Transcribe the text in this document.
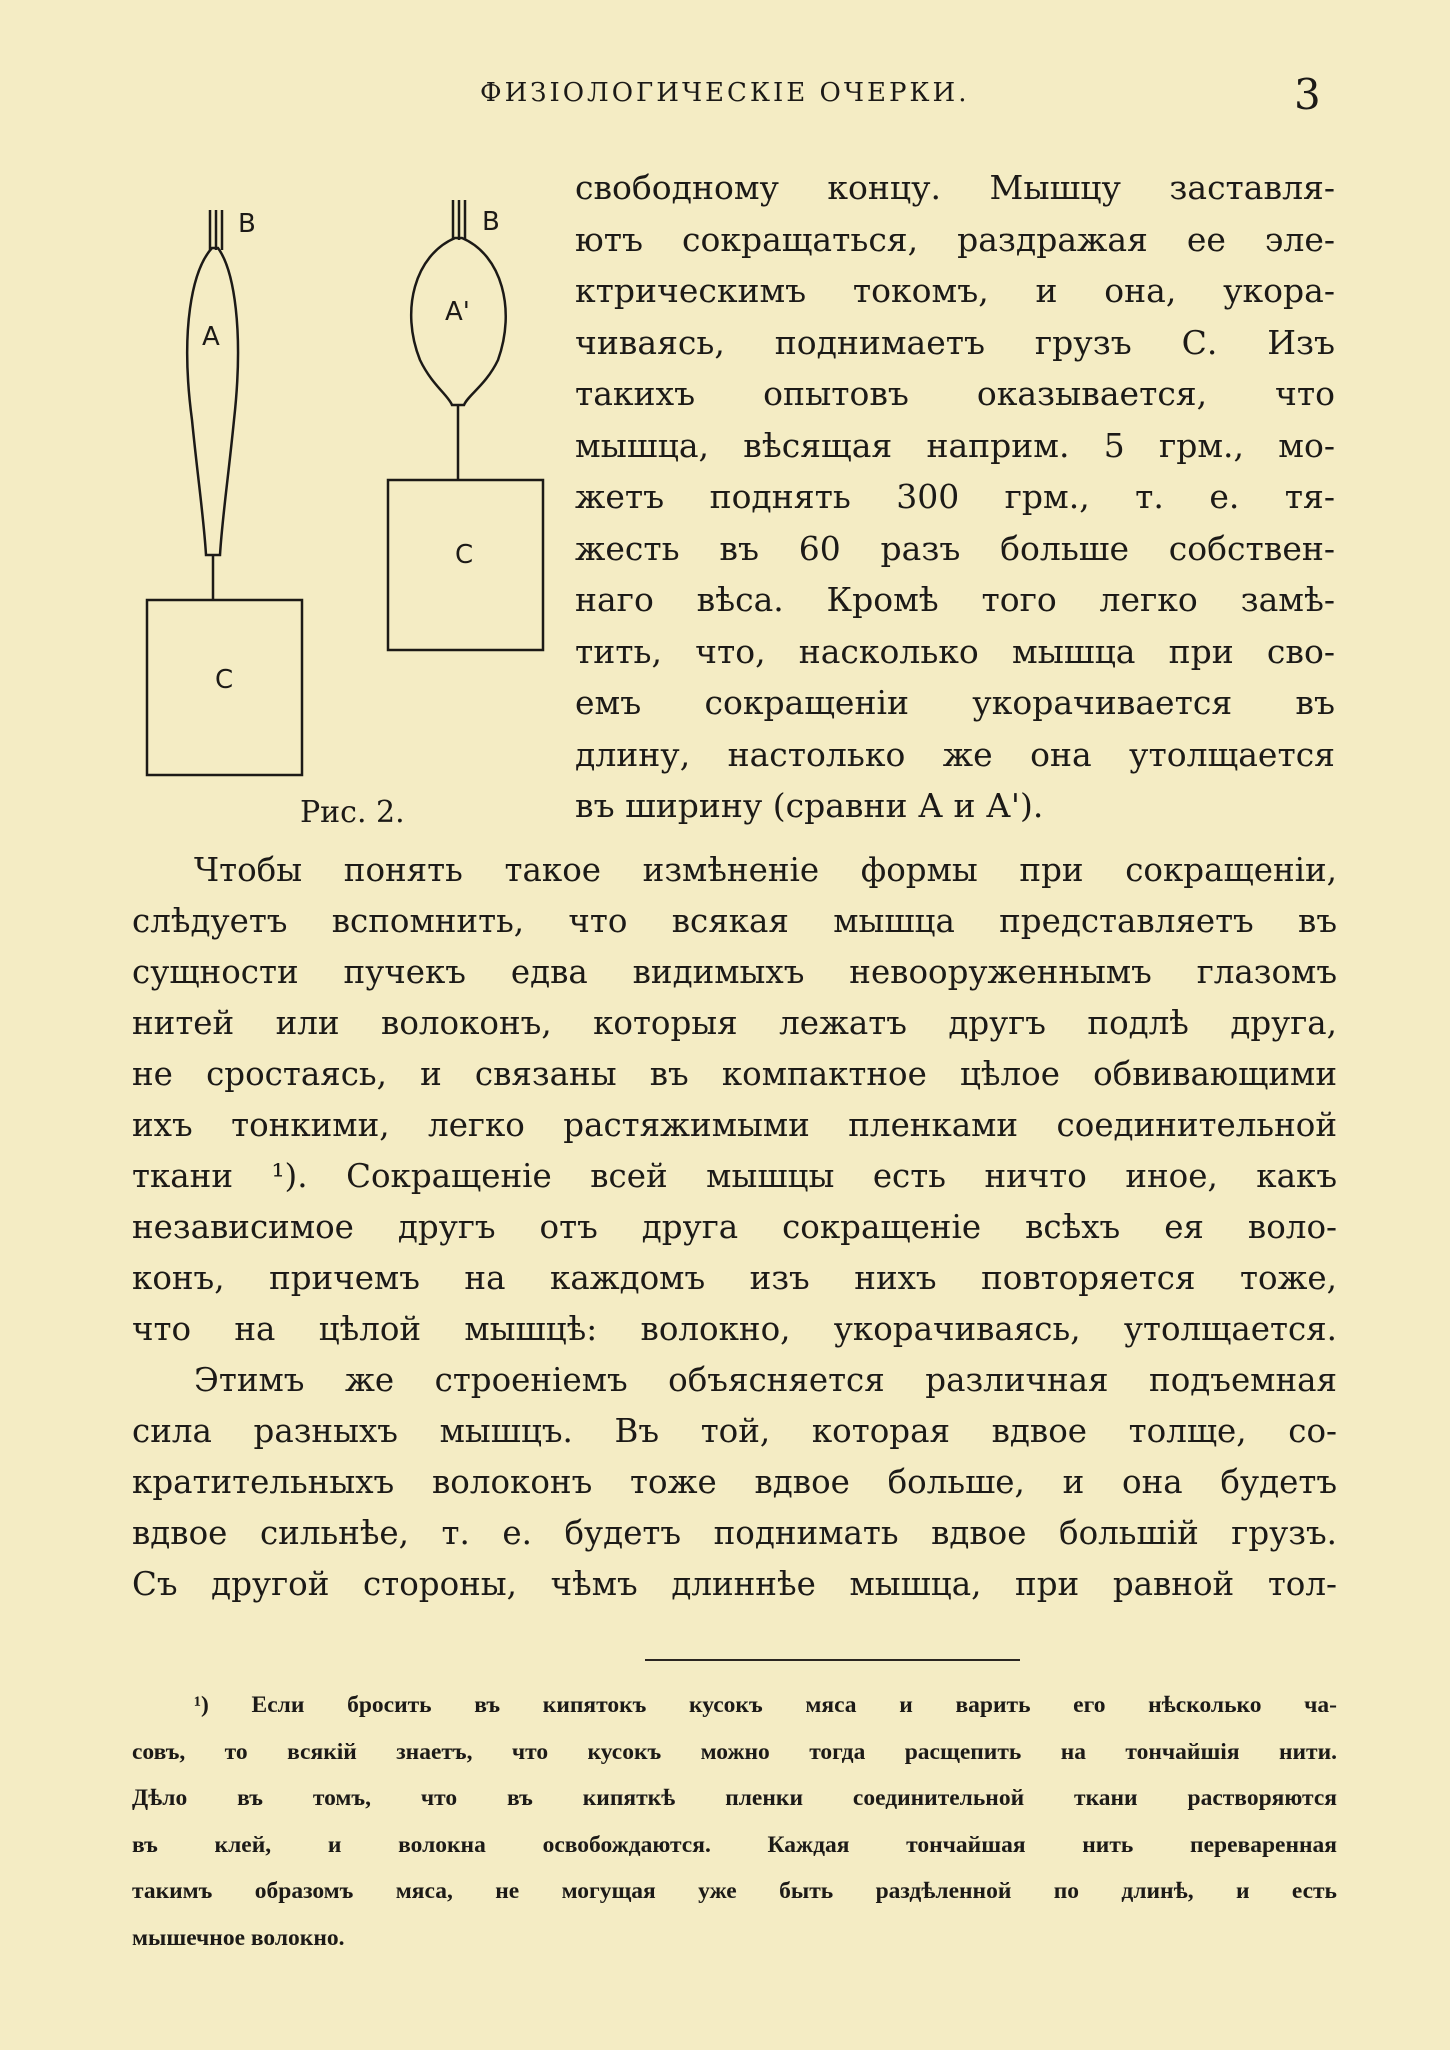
ФИЗІОЛОГИЧЕСКІЕ ОЧЕРКИ.	3
B
A
C
B
A'
C
Рис. 2.
свободному концу. Мышцу заставля-
ютъ сокращаться, раздражая ее эле-
ктрическимъ токомъ, и она, укора-
чиваясь, поднимаетъ грузъ С. Изъ
такихъ опытовъ оказывается, что
мышца, вѣсящая наприм. 5 грм., мо-
жетъ поднять 300 грм., т. е. тя-
жесть въ 60 разъ больше собствен-
наго вѣса. Кромѣ того легко замѣ-
тить, что, насколько мышца при сво-
емъ сокращеніи укорачивается въ
длину, настолько же она утолщается
въ ширину (сравни А и А').
Чтобы понять такое измѣненіе формы при сокращеніи,
слѣдуетъ вспомнить, что всякая мышца представляетъ въ
сущности пучекъ едва видимыхъ невооруженнымъ глазомъ
нитей или волоконъ, которыя лежатъ другъ подлѣ друга,
не сростаясь, и связаны въ компактное цѣлое обвивающими
ихъ тонкими, легко растяжимыми пленками соединительной
ткани ¹). Сокращеніе всей мышцы есть ничто иное, какъ
независимое другъ отъ друга сокращеніе всѣхъ ея воло-
конъ, причемъ на каждомъ изъ нихъ повторяется тоже,
что на цѣлой мышцѣ: волокно, укорачиваясь, утолщается.
Этимъ же строеніемъ объясняется различная подъемная
сила разныхъ мышцъ. Въ той, которая вдвое толще, со-
кратительныхъ волоконъ тоже вдвое больше, и она будетъ
вдвое сильнѣе, т. е. будетъ поднимать вдвое большій грузъ.
Съ другой стороны, чѣмъ длиннѣе мышца, при равной тол-
¹) Если бросить въ кипятокъ кусокъ мяса и варить его нѣсколько ча-
совъ, то всякій знаетъ, что кусокъ можно тогда расщепить на тончайшія нити.
Дѣло въ томъ, что въ кипяткѣ пленки соединительной ткани растворяются
въ клей, и волокна освобождаются. Каждая тончайшая нить переваренная
такимъ образомъ мяса, не могущая уже быть раздѣленной по длинѣ, и есть
мышечное волокно.
